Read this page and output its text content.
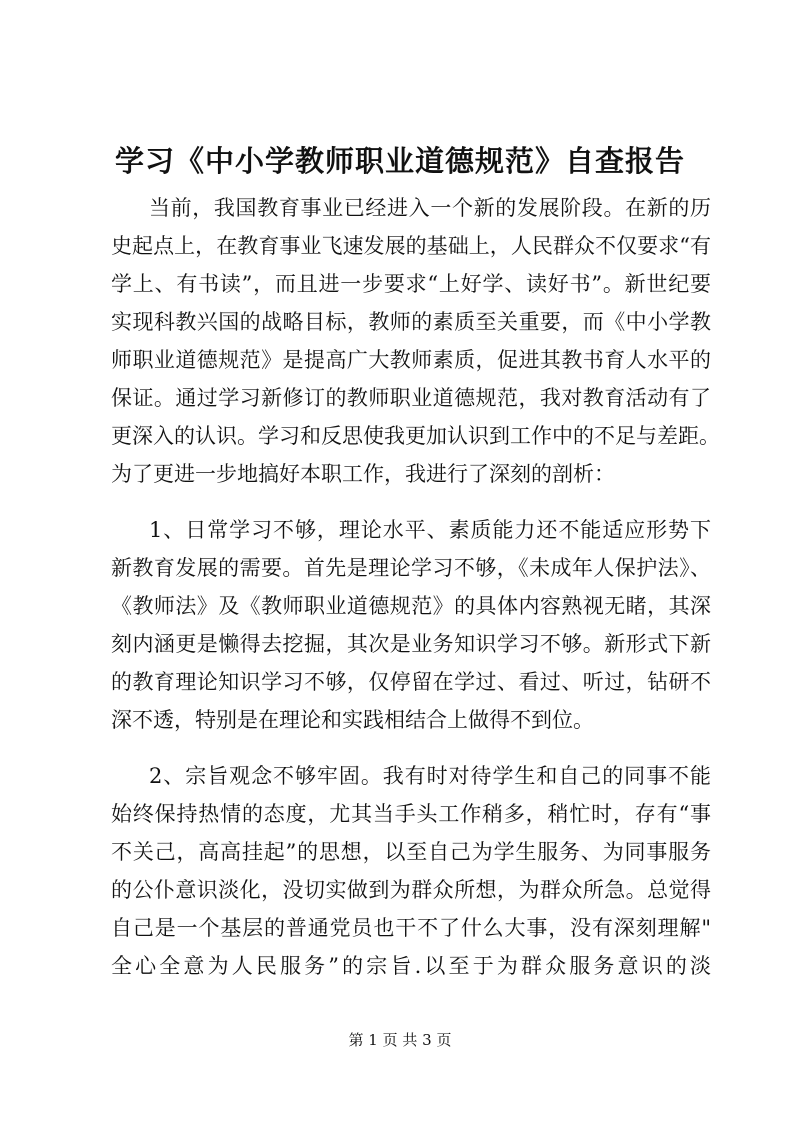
学习《中小学教师职业道德规范》自查报告
当前，我国教育事业已经进入一个新的发展阶段。在新的历
史起点上，在教育事业飞速发展的基础上，人民群众不仅要求“有
学上、有书读”，而且进一步要求“上好学、读好书”。新世纪要
实现科教兴国的战略目标，教师的素质至关重要，而《中小学教
师职业道德规范》是提高广大教师素质，促进其教书育人水平的
保证。通过学习新修订的教师职业道德规范，我对教育活动有了
更深入的认识。学习和反思使我更加认识到工作中的不足与差距。
为了更进一步地搞好本职工作，我进行了深刻的剖析：
1、日常学习不够，理论水平、素质能力还不能适应形势下
新教育发展的需要。首先是理论学习不够，《未成年人保护法》、
《教师法》及《教师职业道德规范》的具体内容熟视无睹，其深
刻内涵更是懒得去挖掘，其次是业务知识学习不够。新形式下新
的教育理论知识学习不够，仅停留在学过、看过、听过，钻研不
深不透，特别是在理论和实践相结合上做得不到位。
2、宗旨观念不够牢固。我有时对待学生和自己的同事不能
始终保持热情的态度，尤其当手头工作稍多，稍忙时，存有“事
不关己，高高挂起”的思想，以至自己为学生服务、为同事服务
的公仆意识淡化，没切实做到为群众所想，为群众所急。总觉得
自己是一个基层的普通党员也干不了什么大事，没有深刻理解"
全心全意为人民服务”的宗旨.以至于为群众服务意识的淡
第 1 页 共 3 页
